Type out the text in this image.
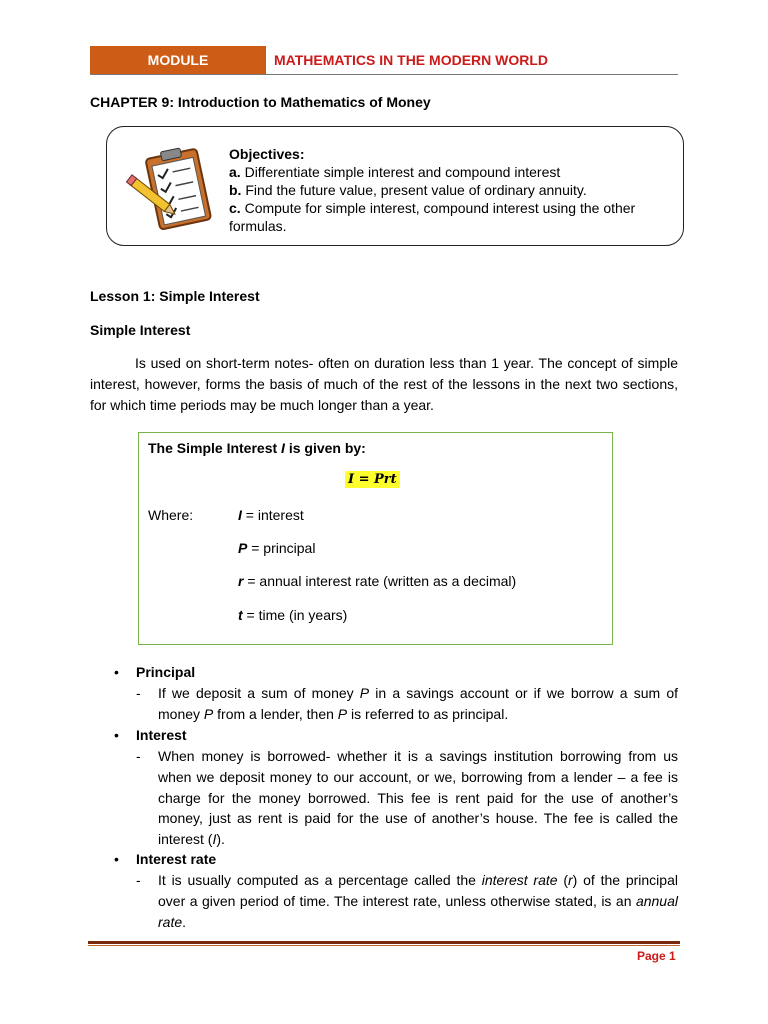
MODULE	MATHEMATICS IN THE MODERN WORLD
CHAPTER 9: Introduction to Mathematics of Money
Objectives:
a. Differentiate simple interest and compound interest
b. Find the future value, present value of ordinary annuity.
c. Compute for simple interest, compound interest using the other formulas.
Lesson 1: Simple Interest
Simple Interest
Is used on short-term notes- often on duration less than 1 year. The concept of simple interest, however, forms the basis of much of the rest of the lessons in the next two sections, for which time periods may be much longer than a year.
The Simple Interest I is given by:
I = Prt
Where:	I = interest
P = principal
r = annual interest rate (written as a decimal)
t = time (in years)
• Principal
- If we deposit a sum of money P in a savings account or if we borrow a sum of money P from a lender, then P is referred to as principal.
• Interest
- When money is borrowed- whether it is a savings institution borrowing from us when we deposit money to our account, or we, borrowing from a lender – a fee is charge for the money borrowed. This fee is rent paid for the use of another’s money, just as rent is paid for the use of another’s house. The fee is called the interest (I).
• Interest rate
- It is usually computed as a percentage called the interest rate (r) of the principal over a given period of time. The interest rate, unless otherwise stated, is an annual rate.
Page 1
